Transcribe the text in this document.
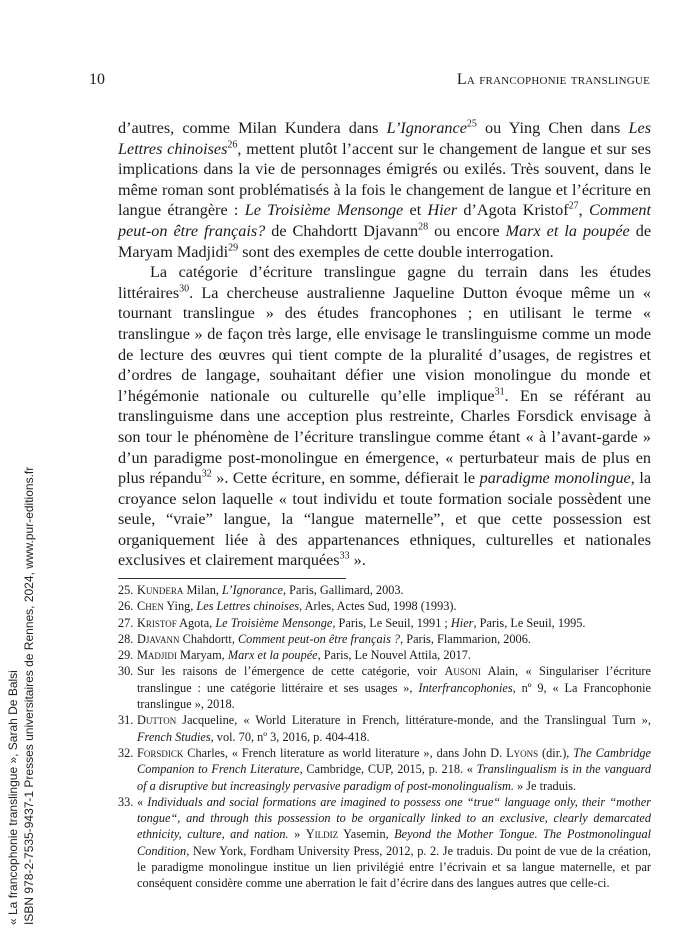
10	La francophonie translingue

d’autres, comme Milan Kundera dans L’Ignorance$^{25}$ ou Ying Chen dans Les Lettres chinoises$^{26}$, mettent plutôt l’accent sur le changement de langue et sur ses implications dans la vie de personnages émigrés ou exilés. Très souvent, dans le même roman sont problématisés à la fois le changement de langue et l’écriture en langue étrangère : Le Troisième Mensonge et Hier d’Agota Kristof$^{27}$, Comment peut-on être français? de Chahdortt Djavann$^{28}$ ou encore Marx et la poupée de Maryam Madjidi$^{29}$ sont des exemples de cette double interrogation.

La catégorie d’écriture translingue gagne du terrain dans les études littéraires$^{30}$. La chercheuse australienne Jaqueline Dutton évoque même un « tournant translingue » des études francophones ; en utilisant le terme « translingue » de façon très large, elle envisage le translinguisme comme un mode de lecture des œuvres qui tient compte de la pluralité d’usages, de registres et d’ordres de langage, souhaitant défier une vision monolingue du monde et l’hégémonie nationale ou culturelle qu’elle implique$^{31}$. En se référant au translinguisme dans une acception plus restreinte, Charles Forsdick envisage à son tour le phénomène de l’écriture translingue comme étant « à l’avant-garde » d’un paradigme post-monolingue en émergence, « perturbateur mais de plus en plus répandu$^{32}$ ». Cette écriture, en somme, défierait le paradigme monolingue, la croyance selon laquelle « tout individu et toute formation sociale possèdent une seule, “vraie” langue, la “langue maternelle”, et que cette possession est organiquement liée à des appartenances ethniques, culturelles et nationales exclusives et clairement marquées$^{33}$ ».

25. Kundera Milan, L’Ignorance, Paris, Gallimard, 2003.
26. Chen Ying, Les Lettres chinoises, Arles, Actes Sud, 1998 (1993).
27. Kristof Agota, Le Troisième Mensonge, Paris, Le Seuil, 1991 ; Hier, Paris, Le Seuil, 1995.
28. Djavann Chahdortt, Comment peut-on être français ?, Paris, Flammarion, 2006.
29. Madjidi Maryam, Marx et la poupée, Paris, Le Nouvel Attila, 2017.
30. Sur les raisons de l’émergence de cette catégorie, voir Ausoni Alain, « Singulariser l’écriture translingue : une catégorie littéraire et ses usages », Interfrancophonies, nº 9, « La Francophonie translingue », 2018.
31. Dutton Jacqueline, « World Literature in French, littérature-monde, and the Translingual Turn », French Studies, vol. 70, nº 3, 2016, p. 404-418.
32. Forsdick Charles, « French literature as world literature », dans John D. Lyons (dir.), The Cambridge Companion to French Literature, Cambridge, CUP, 2015, p. 218. « Translingualism is in the vanguard of a disruptive but increasingly pervasive paradigm of post-monolingualism. » Je traduis.
33. « Individuals and social formations are imagined to possess one “true“ language only, their “mother tongue“, and through this possession to be organically linked to an exclusive, clearly demarcated ethnicity, culture, and nation. » Yildiz Yasemin, Beyond the Mother Tongue. The Postmonolingual Condition, New York, Fordham University Press, 2012, p. 2. Je traduis. Du point de vue de la création, le paradigme monolingue institue un lien privilégié entre l’écrivain et sa langue maternelle, et par conséquent considère comme une aberration le fait d’écrire dans des langues autres que celle-ci.
« La francophonie translingue », Sarah De Balsi ISBN 978-2-7535-9437-1 Presses universitaires de Rennes, 2024, www.pur-editions.fr
